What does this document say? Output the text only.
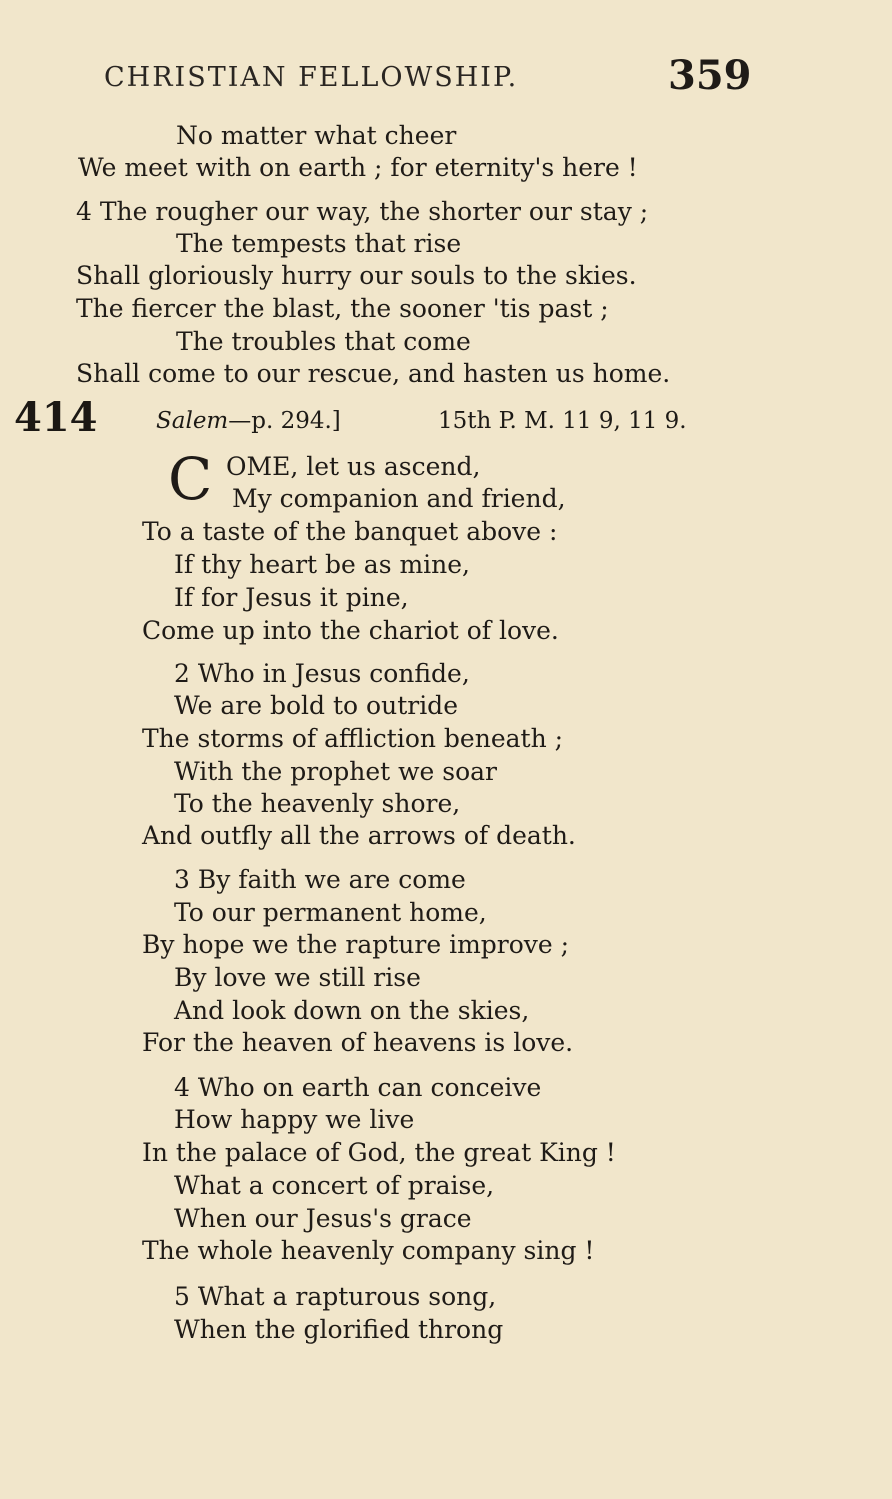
CHRISTIAN FELLOWSHIP.	359
No matter what cheer
We meet with on earth ; for eternity's here !
4 The rougher our way, the shorter our stay ;
The tempests that rise
Shall gloriously hurry our souls to the skies.
The fiercer the blast, the sooner 'tis past ;
The troubles that come
Shall come to our rescue, and hasten us home.
414	Salem—p. 294.]	15th P. M. 11 9, 11 9.
C OME, let us ascend,
My companion and friend,
To a taste of the banquet above :
If thy heart be as mine,
If for Jesus it pine,
Come up into the chariot of love.
2 Who in Jesus confide,
We are bold to outride
The storms of affliction beneath ;
With the prophet we soar
To the heavenly shore,
And outfly all the arrows of death.
3 By faith we are come
To our permanent home,
By hope we the rapture improve ;
By love we still rise
And look down on the skies,
For the heaven of heavens is love.
4 Who on earth can conceive
How happy we live
In the palace of God, the great King !
What a concert of praise,
When our Jesus's grace
The whole heavenly company sing !
5 What a rapturous song,
When the glorified throng
